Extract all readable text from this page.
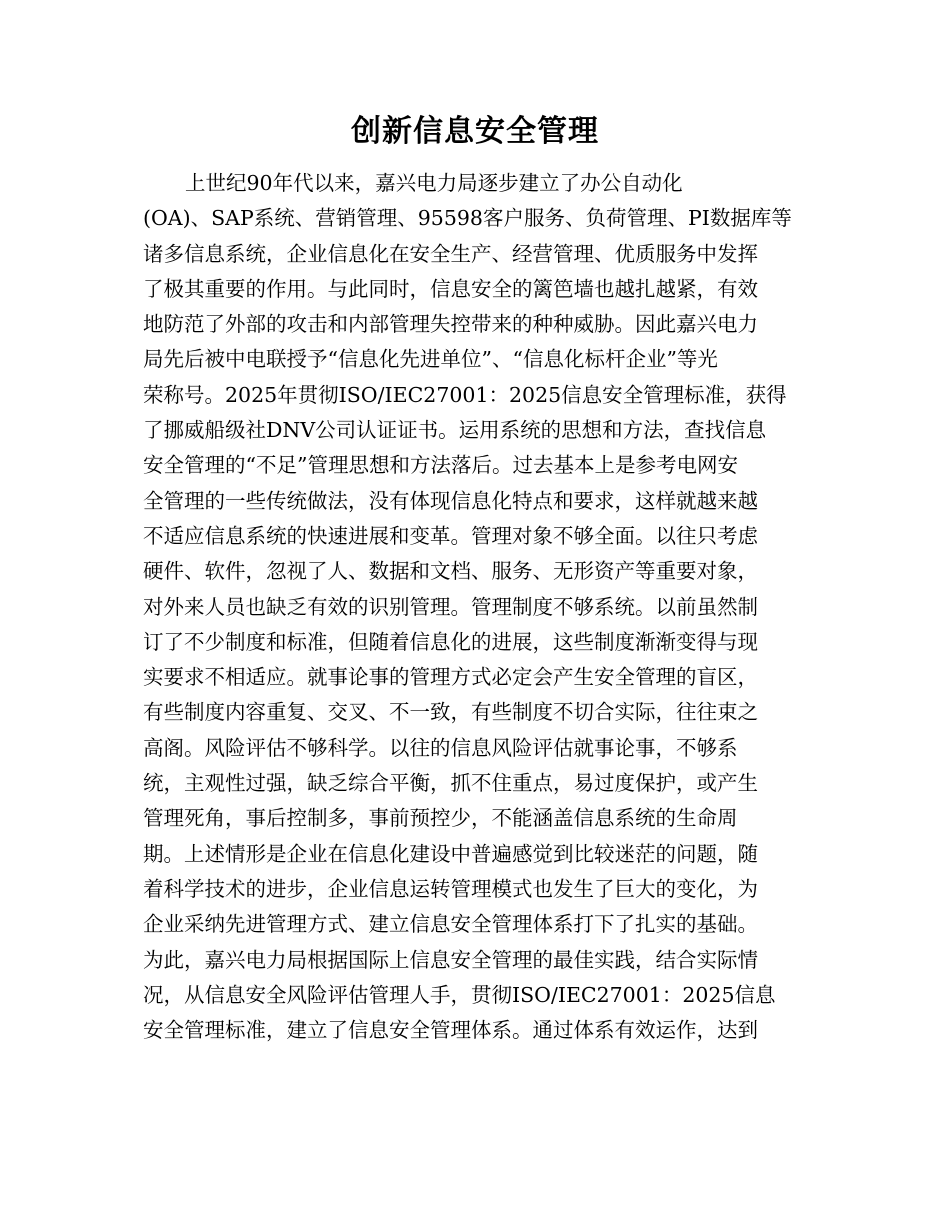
创新信息安全管理
上世纪90年代以来，嘉兴电力局逐步建立了办公自动化
(OA)、SAP系统、营销管理、95598客户服务、负荷管理、PI数据库等
诸多信息系统，企业信息化在安全生产、经营管理、优质服务中发挥
了极其重要的作用。与此同时，信息安全的篱笆墙也越扎越紧，有效
地防范了外部的攻击和内部管理失控带来的种种威胁。因此嘉兴电力
局先后被中电联授予“信息化先进单位”、“信息化标杆企业”等光
荣称号。2025年贯彻ISO/IEC27001：2025信息安全管理标准，获得
了挪威船级社DNV公司认证证书。运用系统的思想和方法，查找信息
安全管理的“不足”管理思想和方法落后。过去基本上是参考电网安
全管理的一些传统做法，没有体现信息化特点和要求，这样就越来越
不适应信息系统的快速进展和变革。管理对象不够全面。以往只考虑
硬件、软件，忽视了人、数据和文档、服务、无形资产等重要对象，
对外来人员也缺乏有效的识别管理。管理制度不够系统。以前虽然制
订了不少制度和标准，但随着信息化的进展，这些制度渐渐变得与现
实要求不相适应。就事论事的管理方式必定会产生安全管理的盲区，
有些制度内容重复、交叉、不一致，有些制度不切合实际，往往束之
高阁。风险评估不够科学。以往的信息风险评估就事论事，不够系
统，主观性过强，缺乏综合平衡，抓不住重点，易过度保护，或产生
管理死角，事后控制多，事前预控少，不能涵盖信息系统的生命周
期。上述情形是企业在信息化建设中普遍感觉到比较迷茫的问题，随
着科学技术的进步，企业信息运转管理模式也发生了巨大的变化，为
企业采纳先进管理方式、建立信息安全管理体系打下了扎实的基础。
为此，嘉兴电力局根据国际上信息安全管理的最佳实践，结合实际情
况，从信息安全风险评估管理人手，贯彻ISO/IEC27001：2025信息
安全管理标准，建立了信息安全管理体系。通过体系有效运作，达到
